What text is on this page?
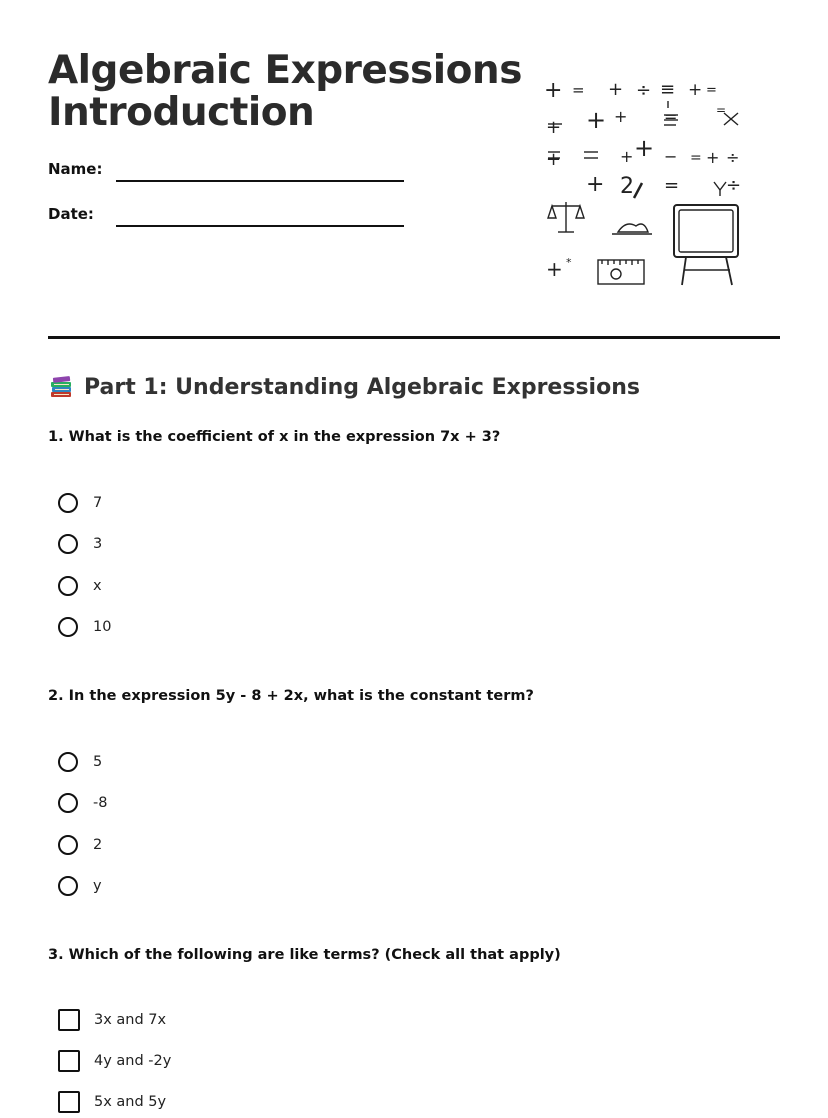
Algebraic Expressions
Introduction
Name:
Date:
+ = + ÷ ≡ + =
+ + + =	=
+	+ + − = + ÷
+ 2 =	÷
+ *
Part 1: Understanding Algebraic Expressions

1. What is the coefficient of x in the expression 7x + 3?

7
3
x
10

2. In the expression 5y - 8 + 2x, what is the constant term?

5
-8
2
y

3. Which of the following are like terms? (Check all that apply)

3x and 7x
4y and -2y
5x and 5y
